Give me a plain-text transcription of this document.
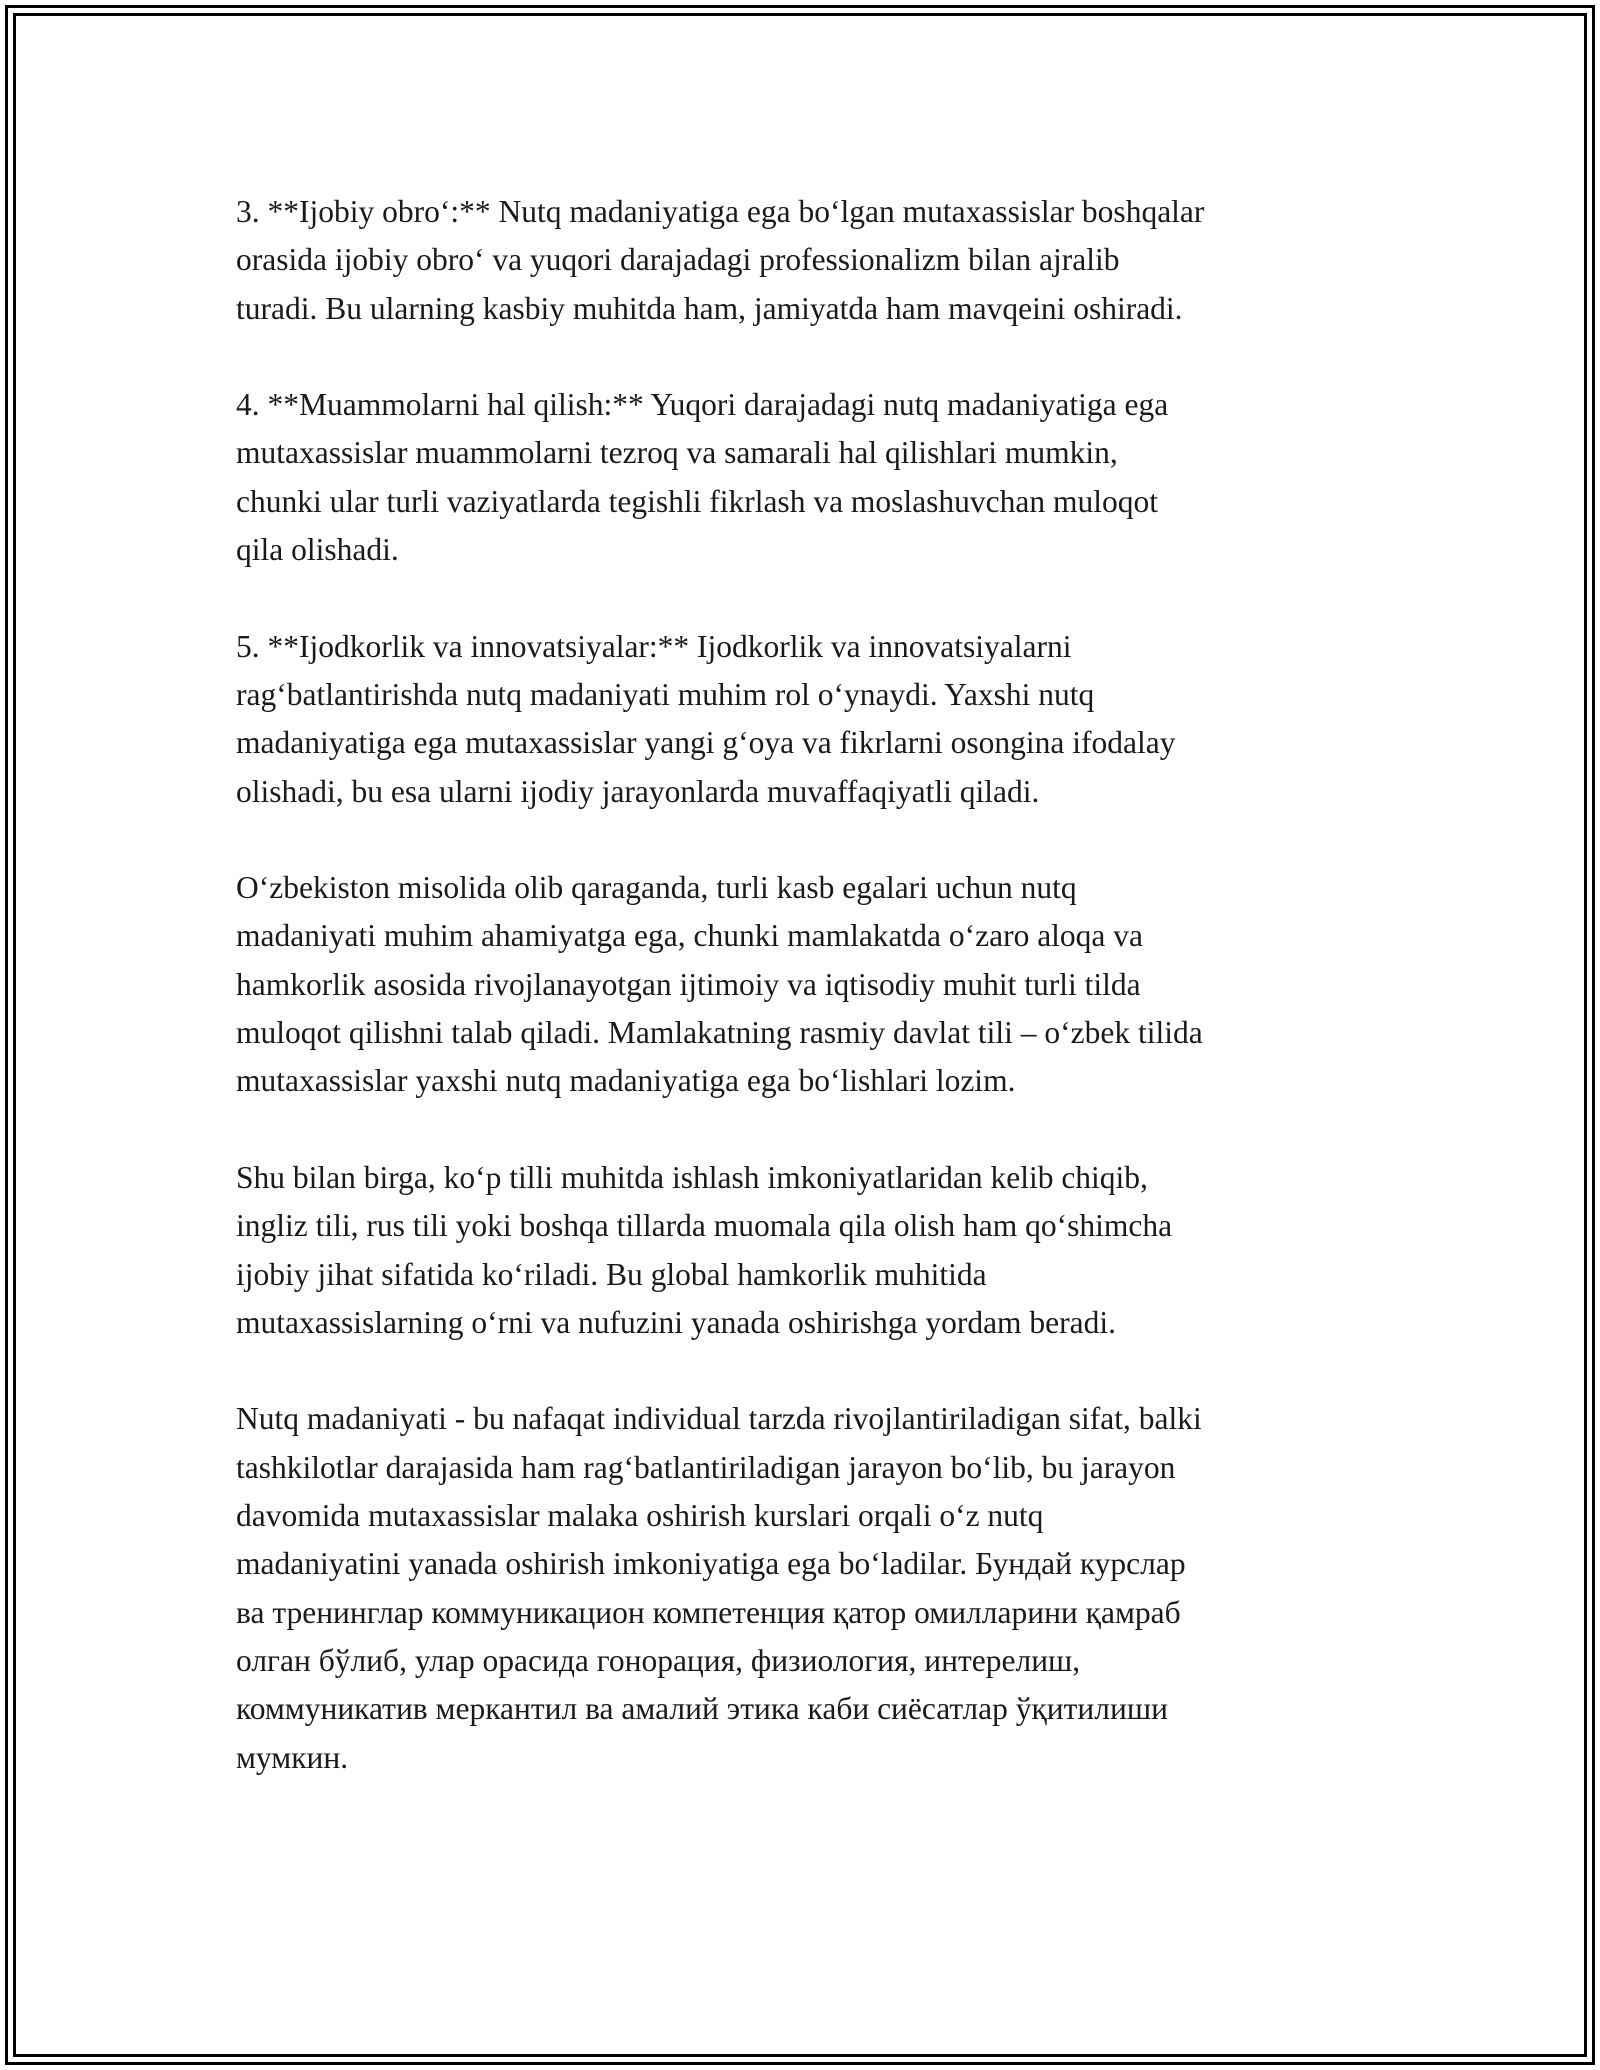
3. **Ijobiy obro‘:** Nutq madaniyatiga ega bo‘lgan mutaxassislar boshqalar
orasida ijobiy obro‘ va yuqori darajadagi professionalizm bilan ajralib
turadi. Bu ularning kasbiy muhitda ham, jamiyatda ham mavqeini oshiradi.

4. **Muammolarni hal qilish:** Yuqori darajadagi nutq madaniyatiga ega
mutaxassislar muammolarni tezroq va samarali hal qilishlari mumkin,
chunki ular turli vaziyatlarda tegishli fikrlash va moslashuvchan muloqot
qila olishadi.

5. **Ijodkorlik va innovatsiyalar:** Ijodkorlik va innovatsiyalarni
rag‘batlantirishda nutq madaniyati muhim rol o‘ynaydi. Yaxshi nutq
madaniyatiga ega mutaxassislar yangi g‘oya va fikrlarni osongina ifodalay
olishadi, bu esa ularni ijodiy jarayonlarda muvaffaqiyatli qiladi.

O‘zbekiston misolida olib qaraganda, turli kasb egalari uchun nutq
madaniyati muhim ahamiyatga ega, chunki mamlakatda o‘zaro aloqa va
hamkorlik asosida rivojlanayotgan ijtimoiy va iqtisodiy muhit turli tilda
muloqot qilishni talab qiladi. Mamlakatning rasmiy davlat tili – o‘zbek tilida
mutaxassislar yaxshi nutq madaniyatiga ega bo‘lishlari lozim.

Shu bilan birga, ko‘p tilli muhitda ishlash imkoniyatlaridan kelib chiqib,
ingliz tili, rus tili yoki boshqa tillarda muomala qila olish ham qo‘shimcha
ijobiy jihat sifatida ko‘riladi. Bu global hamkorlik muhitida
mutaxassislarning o‘rni va nufuzini yanada oshirishga yordam beradi.

Nutq madaniyati - bu nafaqat individual tarzda rivojlantiriladigan sifat, balki
tashkilotlar darajasida ham rag‘batlantiriladigan jarayon bo‘lib, bu jarayon
davomida mutaxassislar malaka oshirish kurslari orqali o‘z nutq
madaniyatini yanada oshirish imkoniyatiga ega bo‘ladilar. Бундай курслар
ва тренинглар коммуникацион компетенция қатор омилларини қамраб
олган бўлиб, улар орасида гонорация, физиология, интерелиш,
коммуникатив меркантил ва амалий этика каби сиёсатлар ўқитилиши
мумкин.
